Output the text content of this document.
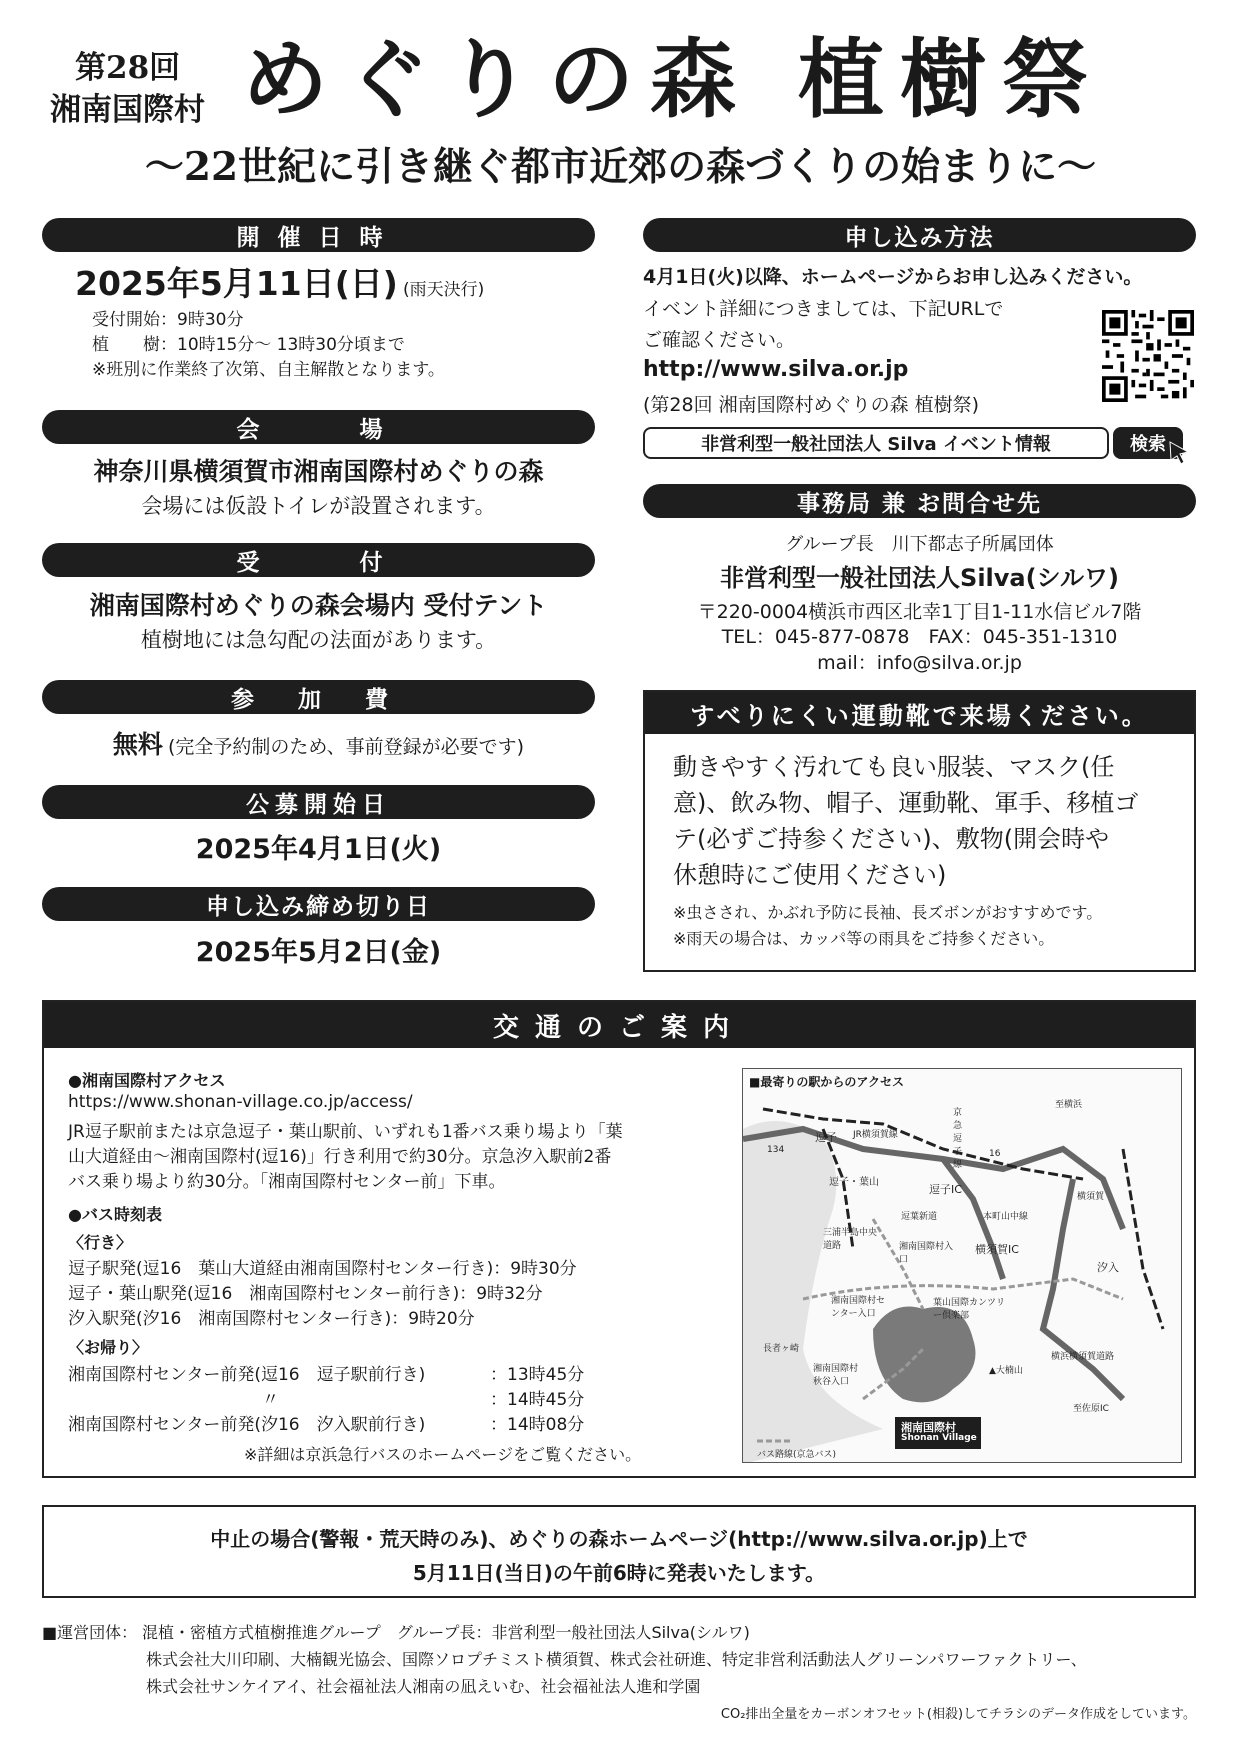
第28回
湘南国際村 めぐりの森 植樹祭
～22世紀に引き継ぐ都市近郊の森づくりの始まりに～
開催日時
2025年5月11日(日) (雨天決行)
受付開始：9時30分
植　　樹：10時15分～ 13時30分頃まで
※班別に作業終了次第、自主解散となります。
会　　場
神奈川県横須賀市湘南国際村めぐりの森
会場には仮設トイレが設置されます。
受　　付
湘南国際村めぐりの森会場内 受付テント
植樹地には急勾配の法面があります。
参 加 費
無料 (完全予約制のため、事前登録が必要です)
公募開始日
2025年4月1日(火)
申し込み締め切り日
2025年5月2日(金)
申し込み方法
4月1日(火)以降、ホームページからお申し込みください。
イベント詳細につきましては、下記URLで
ご確認ください。
http://www.silva.or.jp
(第28回 湘南国際村めぐりの森 植樹祭)
非営利型一般社団法人 Silva イベント情報	検索
事務局 兼 お問合せ先
グループ長　川下都志子所属団体
非営利型一般社団法人Silva(シルワ)
〒220-0004横浜市西区北幸1丁目1-11水信ビル7階
TEL：045-877-0878　FAX：045-351-1310
mail：info@silva.or.jp
すべりにくい運動靴で来場ください。
動きやすく汚れても良い服装、マスク(任
意)、飲み物、帽子、運動靴、軍手、移植ゴ
テ(必ずご持参ください)、敷物(開会時や
休憩時にご使用ください)
※虫さされ、かぶれ予防に長袖、長ズボンがおすすめです。
※雨天の場合は、カッパ等の雨具をご持参ください。
交通のご案内
●湘南国際村アクセス
https://www.shonan-village.co.jp/access/
JR逗子駅前または京急逗子・葉山駅前、いずれも1番バス乗り場より「葉
山大道経由～湘南国際村(逗16)」行き利用で約30分。京急汐入駅前2番
バス乗り場より約30分。「湘南国際村センター前」下車。
●バス時刻表
〈行き〉
逗子駅発(逗16　葉山大道経由湘南国際村センター行き)：9時30分
逗子・葉山駅発(逗16　湘南国際村センター前行き)：9時32分
汐入駅発(汐16　湘南国際村センター行き)：9時20分
〈お帰り〉
湘南国際村センター前発(逗16　逗子駅前行き)	：13時45分
〃	：14時45分
湘南国際村センター前発(汐16　汐入駅前行き)	：14時08分
※詳細は京浜急行バスのホームページをご覧ください。
■最寄りの駅からのアクセス
至横浜
逗子 JR横須賀線
京急逗子線
134	16
逗子・葉山
逗子IC
逗葉新道	本町山中線
横須賀
三浦半島中央道路	湘南国際村入口
横須賀IC
汐入
湘南国際村センター入口
葉山国際カンツリー倶楽部
長者ヶ崎
湘南国際村秋谷入口
▲大楠山
横浜横須賀道路
至佐原IC
バス路線(京急バス)
湘南国際村
Shonan Village
中止の場合(警報・荒天時のみ)、めぐりの森ホームページ(http://www.silva.or.jp)上で
5月11日(当日)の午前6時に発表いたします。
■運営団体： 混植・密植方式植樹推進グループ　グループ長：非営利型一般社団法人Silva(シルワ)
株式会社大川印刷、大楠観光協会、国際ソロプチミスト横須賀、株式会社研進、特定非営利活動法人グリーンパワーファクトリー、
株式会社サンケイアイ、社会福祉法人湘南の凪えいむ、社会福祉法人進和学園
CO₂排出全量をカーボンオフセット(相殺)してチラシのデータ作成をしています。
